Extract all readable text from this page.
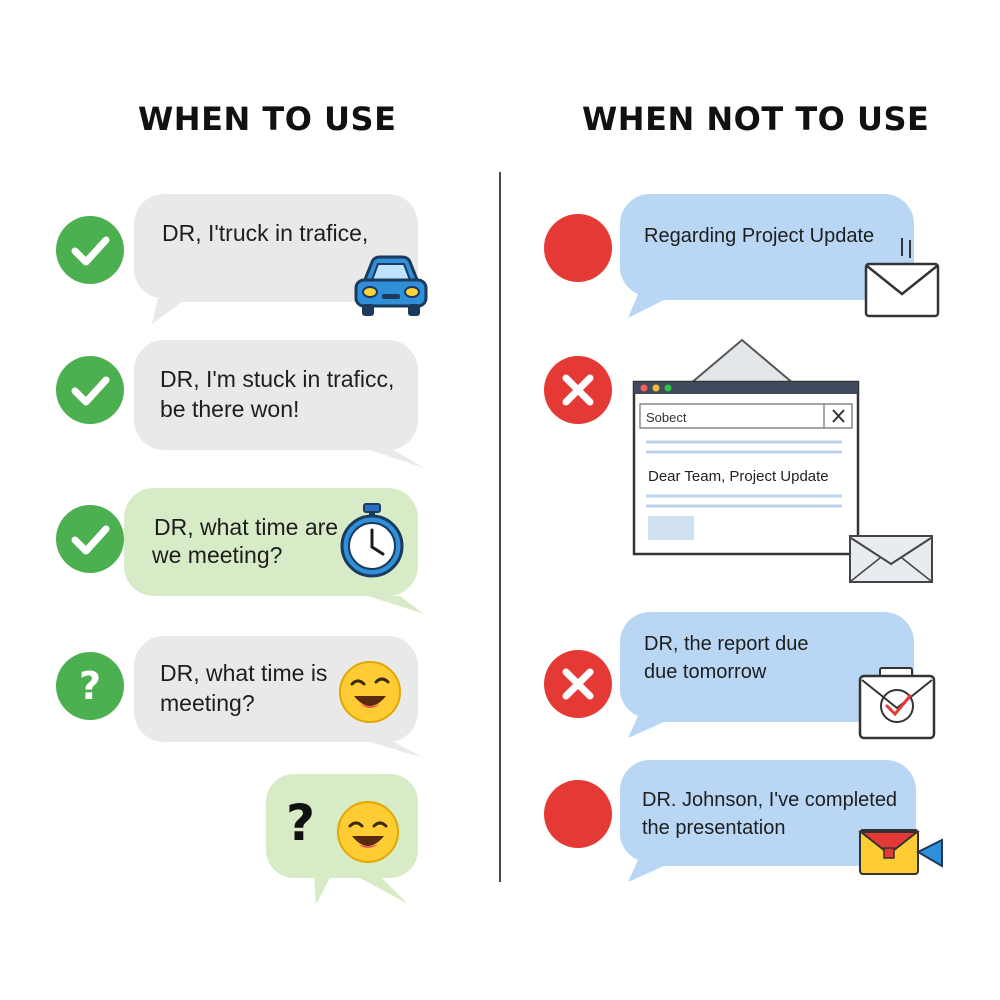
WHEN TO USE	WHEN NOT TO USE
DR, I'truck in trafice,
DR, I'm stuck in traficc,
be there won!
DR, what time are
we meeting?
?	DR, what time is
meeting?
?
Regarding Project Update
Sobect
Dear Team, Project Update
DR, the report due
due tomorrow
DR. Johnson, I've completed
the presentation
